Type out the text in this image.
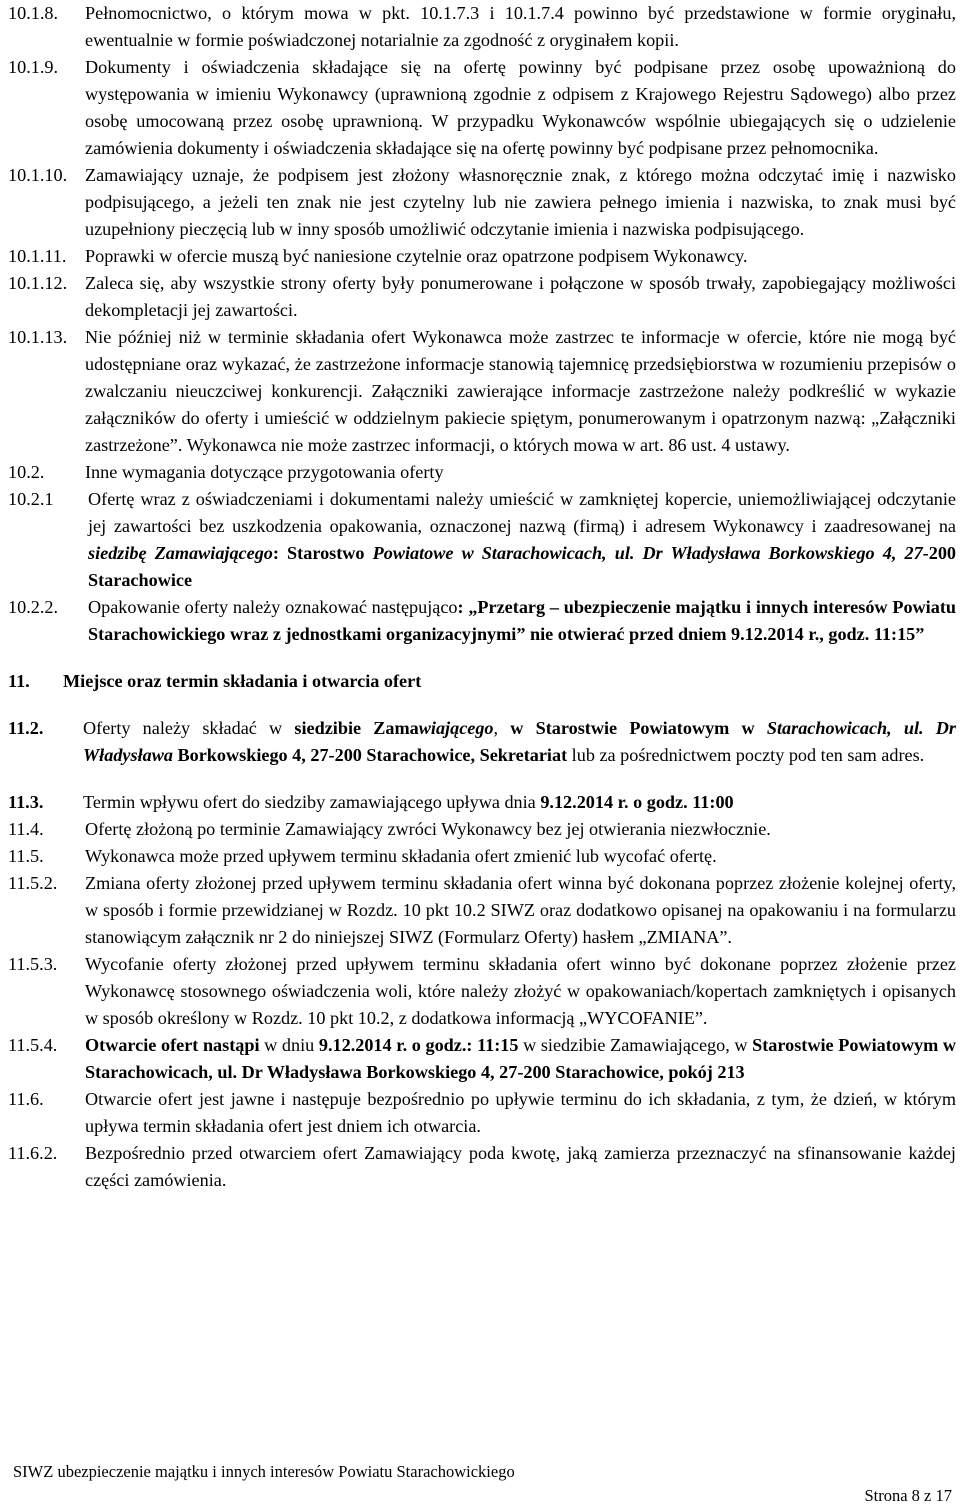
10.1.8. Pełnomocnictwo, o którym mowa w pkt. 10.1.7.3 i 10.1.7.4 powinno być przedstawione w formie oryginału, ewentualnie w formie poświadczonej notarialnie za zgodność z oryginałem kopii.
10.1.9. Dokumenty i oświadczenia składające się na ofertę powinny być podpisane przez osobę upoważnioną do występowania w imieniu Wykonawcy (uprawnioną zgodnie z odpisem z Krajowego Rejestru Sądowego) albo przez osobę umocowaną przez osobę uprawnioną. W przypadku Wykonawców wspólnie ubiegających się o udzielenie zamówienia dokumenty i oświadczenia składające się na ofertę powinny być podpisane przez pełnomocnika.
10.1.10. Zamawiający uznaje, że podpisem jest złożony własnoręcznie znak, z którego można odczytać imię i nazwisko podpisującego, a jeżeli ten znak nie jest czytelny lub nie zawiera pełnego imienia i nazwiska, to znak musi być uzupełniony pieczęcią lub w inny sposób umożliwić odczytanie imienia i nazwiska podpisującego.
10.1.11. Poprawki w ofercie muszą być naniesione czytelnie oraz opatrzone podpisem Wykonawcy.
10.1.12. Zaleca się, aby wszystkie strony oferty były ponumerowane i połączone w sposób trwały, zapobiegający możliwości dekompletacji jej zawartości.
10.1.13. Nie później niż w terminie składania ofert Wykonawca może zastrzec te informacje w ofercie, które nie mogą być udostępniane oraz wykazać, że zastrzeżone informacje stanowią tajemnicę przedsiębiorstwa w rozumieniu przepisów o zwalczaniu nieuczciwej konkurencji. Załączniki zawierające informacje zastrzeżone należy podkreślić w wykazie załączników do oferty i umieścić w oddzielnym pakiecie spiętym, ponumerowanym i opatrzonym nazwą: „Załączniki zastrzeżone”. Wykonawca nie może zastrzec informacji, o których mowa w art. 86 ust. 4 ustawy.
10.2. Inne wymagania dotyczące przygotowania oferty
10.2.1 Ofertę wraz z oświadczeniami i dokumentami należy umieścić w zamkniętej kopercie, uniemożliwiającej odczytanie jej zawartości bez uszkodzenia opakowania, oznaczonej nazwą (firmą) i adresem Wykonawcy i zaadresowanej na siedzibę Zamawiającego: Starostwo Powiatowe w Starachowicach, ul. Dr Władysława Borkowskiego 4, 27-200 Starachowice
10.2.2. Opakowanie oferty należy oznakować następująco: „Przetarg – ubezpieczenie majątku i innych interesów Powiatu Starachowickiego wraz z jednostkami organizacyjnymi” nie otwierać przed dniem 9.12.2014 r., godz. 11:15”
11. Miejsce oraz termin składania i otwarcia ofert
11.2. Oferty należy składać w siedzibie Zamawiającego, w Starostwie Powiatowym w Starachowicach, ul. Dr Władysława Borkowskiego 4, 27-200 Starachowice, Sekretariat lub za pośrednictwem poczty pod ten sam adres.
11.3. Termin wpływu ofert do siedziby zamawiającego upływa dnia 9.12.2014 r. o godz. 11:00
11.4. Ofertę złożoną po terminie Zamawiający zwróci Wykonawcy bez jej otwierania niezwłocznie.
11.5. Wykonawca może przed upływem terminu składania ofert zmienić lub wycofać ofertę.
11.5.2. Zmiana oferty złożonej przed upływem terminu składania ofert winna być dokonana poprzez złożenie kolejnej oferty, w sposób i formie przewidzianej w Rozdz. 10 pkt 10.2 SIWZ oraz dodatkowo opisanej na opakowaniu i na formularzu stanowiącym załącznik nr 2 do niniejszej SIWZ (Formularz Oferty) hasłem „ZMIANA”.
11.5.3. Wycofanie oferty złożonej przed upływem terminu składania ofert winno być dokonane poprzez złożenie przez Wykonawcę stosownego oświadczenia woli, które należy złożyć w opakowaniach/kopertach zamkniętych i opisanych w sposób określony w Rozdz. 10 pkt 10.2, z dodatkowa informacją „WYCOFANIE”.
11.5.4. Otwarcie ofert nastąpi w dniu 9.12.2014 r. o godz.: 11:15 w siedzibie Zamawiającego, w Starostwie Powiatowym w Starachowicach, ul. Dr Władysława Borkowskiego 4, 27-200 Starachowice, pokój 213
11.6. Otwarcie ofert jest jawne i następuje bezpośrednio po upływie terminu do ich składania, z tym, że dzień, w którym upływa termin składania ofert jest dniem ich otwarcia.
11.6.2. Bezpośrednio przed otwarciem ofert Zamawiający poda kwotę, jaką zamierza przeznaczyć na sfinansowanie każdej części zamówienia.
SIWZ ubezpieczenie majątku i innych interesów Powiatu Starachowickiego
Strona 8 z 17
